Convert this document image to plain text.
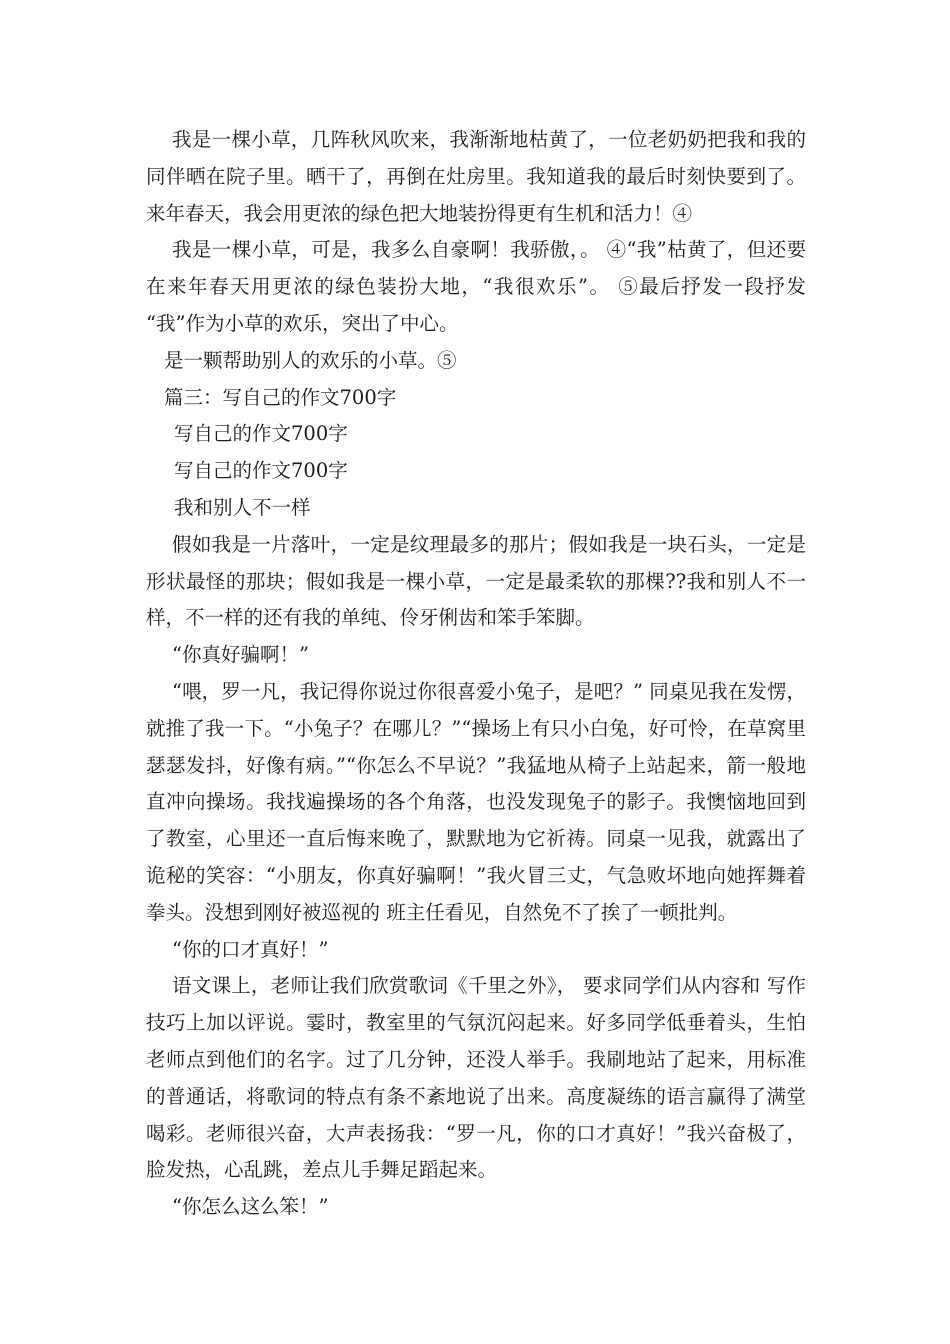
我是一棵小草，几阵秋风吹来，我渐渐地枯黄了，一位老奶奶把我和我的同伴晒在院子里。晒干了，再倒在灶房里。我知道我的最后时刻快要到了。来年春天，我会用更浓的绿色把大地装扮得更有生机和活力！④

我是一棵小草，可是，我多么自豪啊！我骄傲，。 ④“我”枯黄了，但还要在来年春天用更浓的绿色装扮大地，“我很欢乐”。 ⑤最后抒发一段抒发 “我”作为小草的欢乐，突出了中心。

是一颗帮助别人的欢乐的小草。⑤

篇三：写自己的作文700字

写自己的作文700字

写自己的作文700字

我和别人不一样

假如我是一片落叶，一定是纹理最多的那片；假如我是一块石头，一定是形状最怪的那块；假如我是一棵小草，一定是最柔软的那棵??我和别人不一样，不一样的还有我的单纯、伶牙俐齿和笨手笨脚。

“你真好骗啊！”

“喂，罗一凡，我记得你说过你很喜爱小兔子，是吧？” 同桌见我在发愣，就推了我一下。“小兔子？在哪儿？”“操场上有只小白兔，好可怜，在草窝里瑟瑟发抖，好像有病。”“你怎么不早说？”我猛地从椅子上站起来，箭一般地直冲向操场。我找遍操场的各个角落，也没发现兔子的影子。我懊恼地回到了教室，心里还一直后悔来晚了，默默地为它祈祷。同桌一见我，就露出了诡秘的笑容：“小朋友，你真好骗啊！”我火冒三丈，气急败坏地向她挥舞着拳头。没想到刚好被巡视的 班主任看见，自然免不了挨了一顿批判。

“你的口才真好！”

语文课上，老师让我们欣赏歌词《千里之外》， 要求同学们从内容和 写作技巧上加以评说。霎时，教室里的气氛沉闷起来。好多同学低垂着头，生怕老师点到他们的名字。过了几分钟，还没人举手。我刷地站了起来，用标准的普通话，将歌词的特点有条不紊地说了出来。高度凝练的语言赢得了满堂喝彩。老师很兴奋，大声表扬我：“罗一凡，你的口才真好！”我兴奋极了，脸发热，心乱跳，差点儿手舞足蹈起来。

“你怎么这么笨！”
